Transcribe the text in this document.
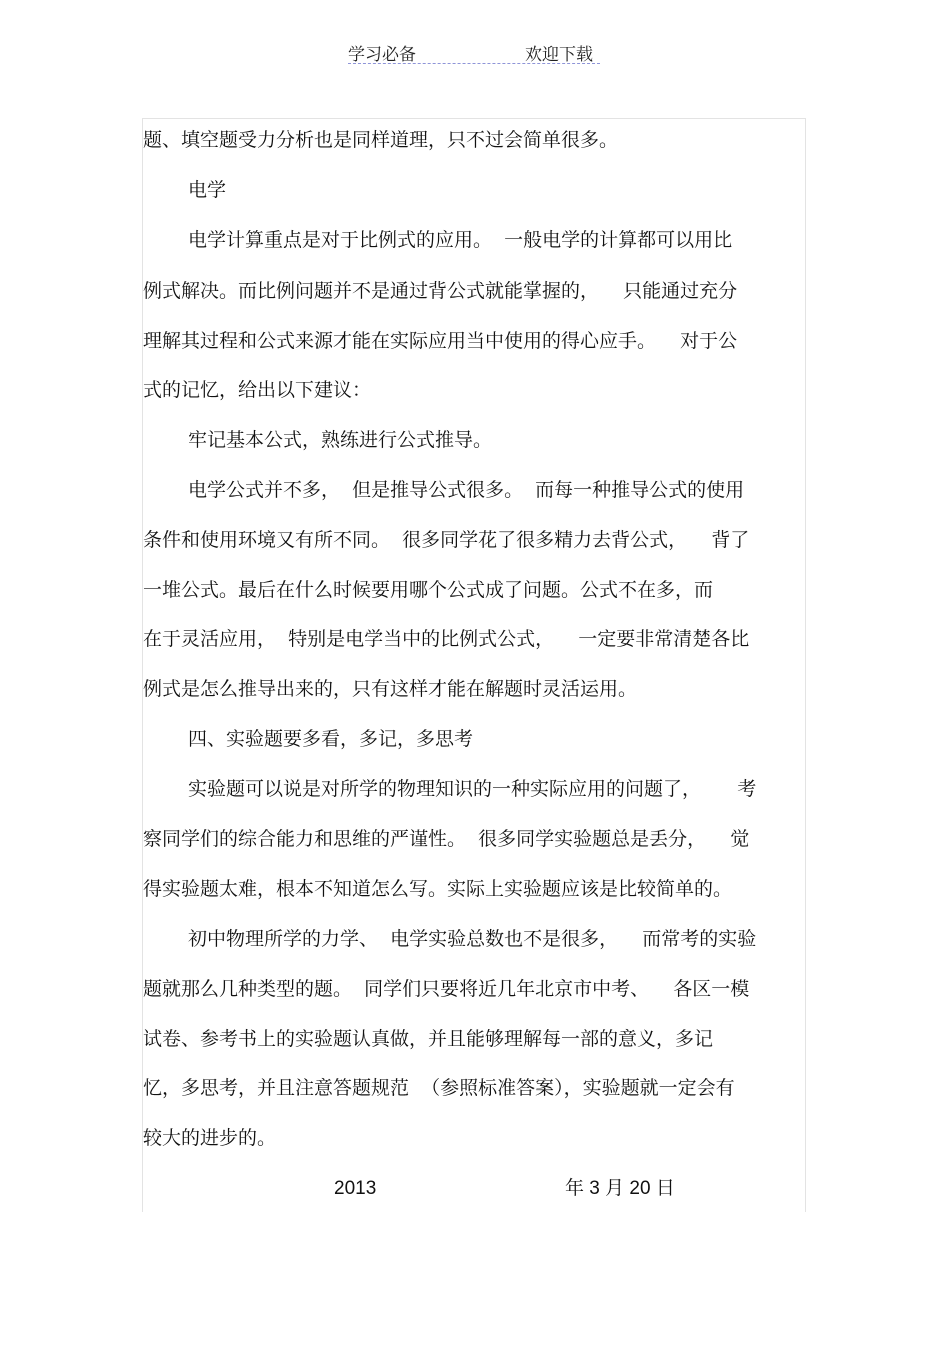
学习必备	欢迎下载
题、填空题受力分析也是同样道理，只不过会简单很多。
电学
电学计算重点是对于比例式的应用。  一般电学的计算都可以用比
例式解决。而比例问题并不是通过背公式就能掌握的，    只能通过充分
理解其过程和公式来源才能在实际应用当中使用的得心应手。    对于公
式的记忆，给出以下建议：
牢记基本公式，熟练进行公式推导。
电学公式并不多，  但是推导公式很多。  而每一种推导公式的使用
条件和使用环境又有所不同。  很多同学花了很多精力去背公式，    背了
一堆公式。最后在什么时候要用哪个公式成了问题。公式不在多，而
在于灵活应用，  特别是电学当中的比例式公式，    一定要非常清楚各比
例式是怎么推导出来的，只有这样才能在解题时灵活运用。
四、实验题要多看，多记，多思考
实验题可以说是对所学的物理知识的一种实际应用的问题了，      考
察同学们的综合能力和思维的严谨性。  很多同学实验题总是丢分，    觉
得实验题太难，根本不知道怎么写。实际上实验题应该是比较简单的。
初中物理所学的力学、  电学实验总数也不是很多，    而常考的实验
题就那么几种类型的题。  同学们只要将近几年北京市中考、    各区一模
试卷、参考书上的实验题认真做，并且能够理解每一部的意义，多记
忆，多思考，并且注意答题规范  （参照标准答案），实验题就一定会有
较大的进步的。
2013	年 3 月 20 日
